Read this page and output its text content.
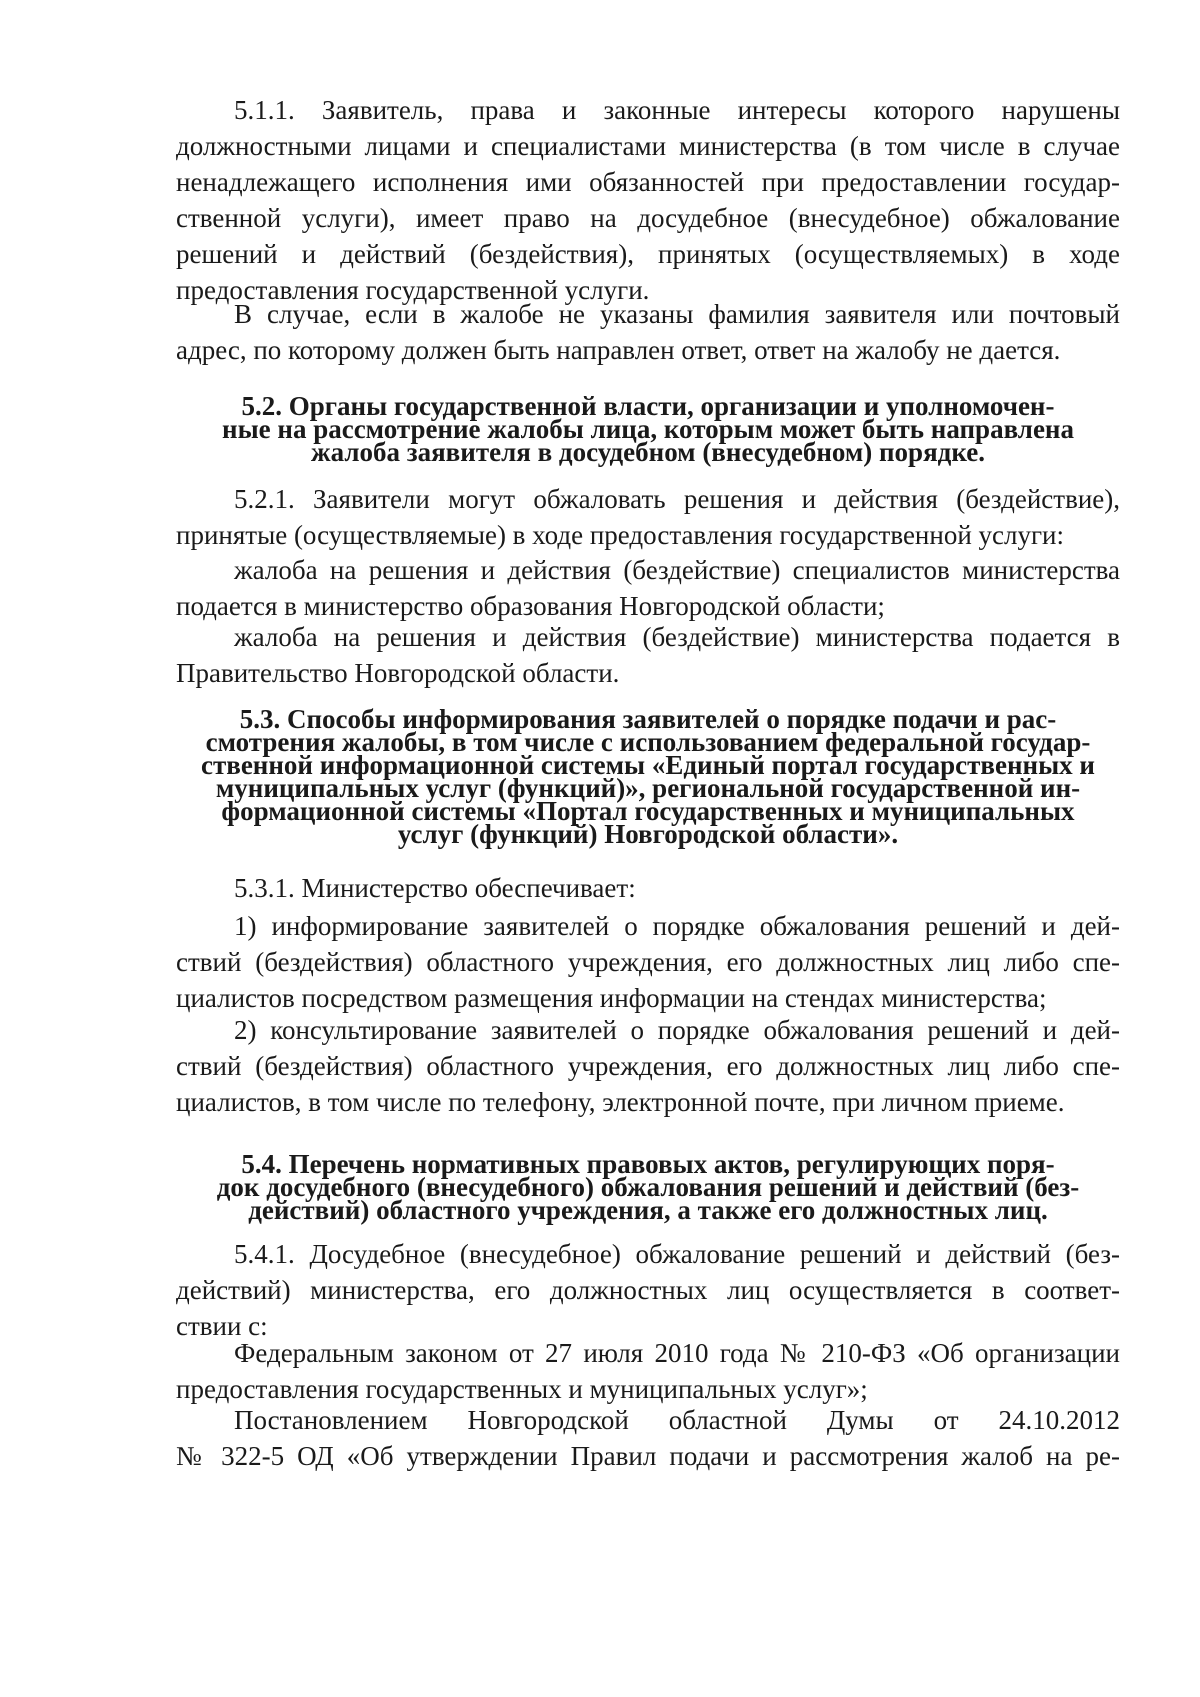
5.1.1. Заявитель, права и законные интересы которого нарушены
должностными лицами и специалистами министерства (в том числе в случае
ненадлежащего исполнения ими обязанностей при предоставлении государ-
ственной услуги), имеет право на досудебное (внесудебное) обжалование
решений и действий (бездействия), принятых (осуществляемых) в ходе
предоставления государственной услуги.
В случае, если в жалобе не указаны фамилия заявителя или почтовый
адрес, по которому должен быть направлен ответ, ответ на жалобу не дается.
5.2. Органы государственной власти, организации и уполномочен-
ные на рассмотрение жалобы лица, которым может быть направлена
жалоба заявителя в досудебном (внесудебном) порядке.
5.2.1. Заявители могут обжаловать решения и действия (бездействие),
принятые (осуществляемые) в ходе предоставления государственной услуги:
жалоба на решения и действия (бездействие) специалистов министерства
подается в министерство образования Новгородской области;
жалоба на решения и действия (бездействие) министерства подается в
Правительство Новгородской области.
5.3. Способы информирования заявителей о порядке подачи и рас-
смотрения жалобы, в том числе с использованием федеральной государ-
ственной информационной системы «Единый портал государственных и
муниципальных услуг (функций)», региональной государственной ин-
формационной системы «Портал государственных и муниципальных
услуг (функций) Новгородской области».
5.3.1. Министерство обеспечивает:
1) информирование заявителей о порядке обжалования решений и дей-
ствий (бездействия) областного учреждения, его должностных лиц либо спе-
циалистов посредством размещения информации на стендах министерства;
2) консультирование заявителей о порядке обжалования решений и дей-
ствий (бездействия) областного учреждения, его должностных лиц либо спе-
циалистов, в том числе по телефону, электронной почте, при личном приеме.
5.4. Перечень нормативных правовых актов, регулирующих поря-
док досудебного (внесудебного) обжалования решений и действий (без-
действий) областного учреждения, а также его должностных лиц.
5.4.1. Досудебное (внесудебное) обжалование решений и действий (без-
действий) министерства, его должностных лиц осуществляется в соответ-
ствии с:
Федеральным законом от 27 июля 2010 года № 210-ФЗ «Об организации
предоставления государственных и муниципальных услуг»;
Постановлением Новгородской областной Думы от 24.10.2012
№ 322-5 ОД «Об утверждении Правил подачи и рассмотрения жалоб на ре-
